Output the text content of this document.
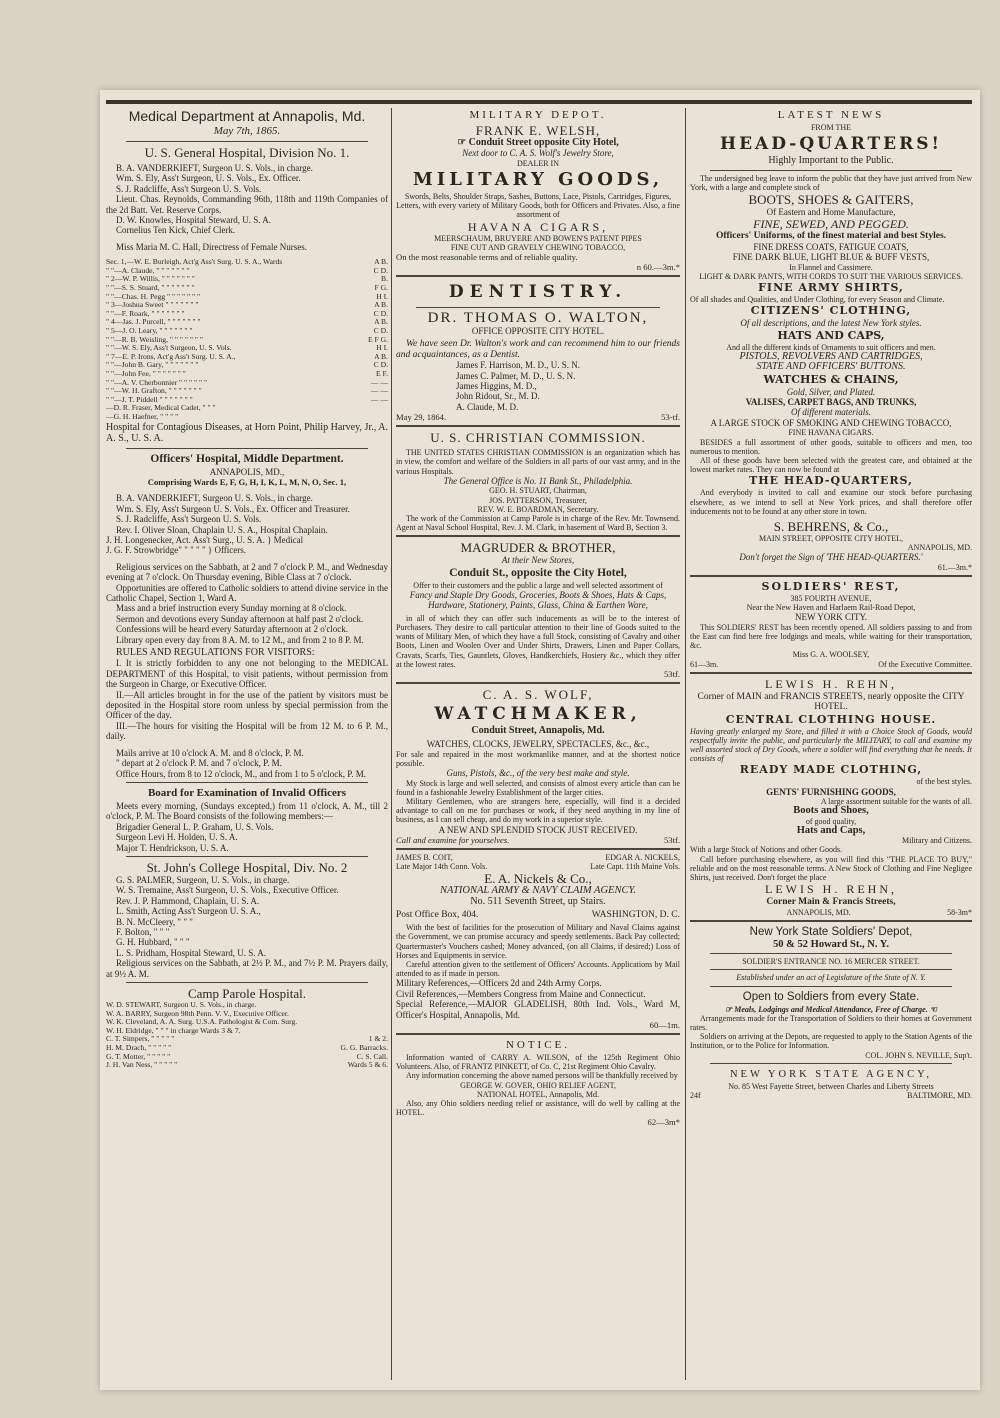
Medical Department at Annapolis, Md.

May 7th, 1865.

U. S. General Hospital, Division No. 1.

B. A. VANDERKIEFT, Surgeon U. S. Vols., in charge.

Wm. S. Ely, Ass't Surgeon, U. S. Vols., Ex. Officer.

S. J. Radcliffe, Ass't Surgeon U. S. Vols.

Lieut. Chas. Reynolds, Commanding 96th, 118th and 119th Companies of the 2d Batt. Vet. Reserve Corps.

D. W. Knowles, Hospital Steward, U. S. A.

Cornelius Ten Kick, Chief Clerk.

Miss Maria M. C. Hall, Directress of Female Nurses.

Sec. 1,—W. E. Burleigh, Act'g Ass't Surg. U. S. A., Wards	A B.
" "—A. Claude, " " " " " " "	C D.
" 2—W. P. Willis, " " " " " " "	B.
" "—S. S. Stuard, " " " " " " "	F G.
" "—Chas. H. Pegg " " " " " " "	H I.
" 3—Joshua Sweet " " " " " " "	A B.
" "—F. Roark, " " " " " " "	C D.
" 4—Jas. J. Purcell, " " " " " " "	A B.
" 5—J. O. Leary, " " " " " " "	C D.
" "—R. B. Weisling, " " " " " " "	E F G.
" "—W. S. Ely, Ass't Surgeon, U. S. Vols.	H I.
" 7—E. P. Irons, Act'g Ass't Surg. U. S. A.,	A B.
" "—John B. Gary, " " " " " " "	C D.
" "—John Fee, " " " " " " "	E F.
" "—A. V. Cherbonnier " " " " " "	— —
" "—W. H. Grafton, " " " " " " "	— —
" "—J. T. Piddell " " " " " " "	— —
—D. R. Fraser, Medical Cadet, " " "
—G. H. Haefner, " " " "

Hospital for Contagious Diseases, at Horn Point, Philip Harvey, Jr., A. A. S., U. S. A.

Officers' Hospital, Middle Department.

ANNAPOLIS, MD.,

Comprising Wards E, F, G, H, I, K, L, M, N, O, Sec. 1,

B. A. VANDERKIEFT, Surgeon U. S. Vols., in charge.

Wm. S. Ely, Ass't Surgeon U. S. Vols., Ex. Officer and Treasurer.

S. J. Radcliffe, Ass't Surgeon U. S. Vols.

Rev. I. Oliver Sloan, Chaplain U. S. A., Hospital Chaplain.

J. H. Longenecker, Act. Ass't Surg., U. S. A. } Medical

J. G. F. Strowbridge" " " " " } Officers.

Religious services on the Sabbath, at 2 and 7 o'clock P. M., and Wednesday evening at 7 o'clock. On Thursday evening, Bible Class at 7 o'clock.

Opportunities are offered to Catholic soldiers to attend divine service in the Catholic Chapel, Section 1, Ward A.

Mass and a brief instruction every Sunday morning at 8 o'clock.

Sermon and devotions every Sunday afternoon at half past 2 o'clock.

Confessions will be heard every Saturday afternoon at 2 o'clock.

Library open every day from 8 A. M. to 12 M., and from 2 to 8 P. M.

RULES AND REGULATIONS FOR VISITORS:

I. It is strictly forbidden to any one not belonging to the MEDICAL DEPARTMENT of this Hospital, to visit patients, without permission from the Surgeon in Charge, or Executive Officer.

II.—All articles brought in for the use of the patient by visitors must be deposited in the Hospital store room unless by special permission from the Officer of the day.

III.—The hours for visiting the Hospital will be from 12 M. to 6 P. M., daily.

Mails arrive at 10 o'clock A. M. and 8 o'clock, P. M.

" depart at 2 o'clock P. M. and 7 o'clock, P. M.

Office Hours, from 8 to 12 o'clock, M., and from 1 to 5 o'clock, P. M.

Board for Examination of Invalid Officers

Meets every morning, (Sundays excepted,) from 11 o'clock, A. M., till 2 o'clock, P. M. The Board consists of the following members:—

Brigadier General L. P. Graham, U. S. Vols.

Surgeon Levi H. Holden, U. S. A.

Major T. Hendrickson, U. S. A.

St. John's College Hospital, Div. No. 2

G. S. PALMER, Surgeon, U. S. Vols., in charge.

W. S. Tremaine, Ass't Surgeon, U. S. Vols., Executive Officer.

Rev. J. P. Hammond, Chaplain, U. S. A.

L. Smith, Acting Ass't Surgeon U. S. A.,

B. N. McCleery, " " "

F. Bolton, " " "

G. H. Hubbard, " " "

L. S. Pridham, Hospital Steward, U. S. A.

Religious services on the Sabbath, at 2½ P. M., and 7½ P. M. Prayers daily, at 9½ A. M.

Camp Parole Hospital.

W. D. STEWART, Surgeon U. S. Vols., in charge.
W. A. BARRY, Surgeon 98th Penn. V. V., Executive Officer.
W. K. Cleveland, A. A. Surg. U.S.A. Pathologist & Com. Surg.
W. H. Eldridge, " " " in charge Wards 3 & 7.
C. T. Simpers, " " " " "	1 & 2.
H. M. Drach, " " " " "	G. G. Barracks.
G. T. Motter, " " " " "	C. S. Call.
J. H. Van Ness, " " " " "	Wards 5 & 6.

MILITARY DEPOT.

FRANK E. WELSH,

☞ Conduit Street opposite City Hotel,

Next door to C. A. S. Wolf's Jewelry Store,

DEALER IN

MILITARY GOODS,

Swords, Belts, Shoulder Straps, Sashes, Buttons, Lace, Pistols, Cartridges, Figures, Letters, with every variety of Military Goods, both for Officers and Privates. Also, a fine assortment of

HAVANA CIGARS,

MEERSCHAUM, BRUYERE AND BOWEN'S PATENT PIPES

FINE CUT AND GRAVELY CHEWING TOBACCO,

On the most reasonable terms and of reliable quality.
n 60.—3m.*

DENTISTRY.

DR. THOMAS O. WALTON,

OFFICE OPPOSITE CITY HOTEL.

We have seen Dr. Walton's work and can recommend him to our friends and acquaintances, as a Dentist.

James F. Harrison, M. D., U. S. N.

James C. Palmer, M. D., U. S. N.

James Higgins, M. D.,

John Ridout, Sr., M. D.

A. Claude, M. D.

May 29, 1864.	53-tf.

U. S. CHRISTIAN COMMISSION.

THE UNITED STATES CHRISTIAN COMMISSION is an organization which has in view, the comfort and welfare of the Soldiers in all parts of our vast army, and in the various Hospitals.

The General Office is No. 11 Bank St., Philadelphia.

GEO. H. STUART, Chairman,

JOS. PATTERSON, Treasurer,

REV. W. E. BOARDMAN, Secretary.

The work of the Commission at Camp Parole is in charge of the Rev. Mr. Townsend. Agent at Naval School Hospital, Rev. J. M. Clark, in basement of Ward B, Section 3.

MAGRUDER & BROTHER,

At their New Stores,

Conduit St., opposite the City Hotel,

Offer to their customers and the public a large and well selected assortment of

Fancy and Staple Dry Goods, Groceries, Boots & Shoes, Hats & Caps, Hardware, Stationery, Paints, Glass, China & Earthen Ware,

in all of which they can offer such inducements as will be to the interest of Purchasers. They desire to call particular attention to their line of Goods suited to the wants of Military Men, of which they have a full Stock, consisting of Cavalry and other Boots, Linen and Woolen Over and Under Shirts, Drawers, Linen and Paper Collars, Cravats, Scarfs, Ties, Gauntlets, Gloves, Handkerchiefs, Hosiery &c., which they offer at the lowest rates.

53tf.

C. A. S. WOLF,

WATCHMAKER,

Conduit Street, Annapolis, Md.

WATCHES, CLOCKS, JEWELRY, SPECTACLES, &c., &c.,

For sale and repaired in the most workmanlike manner, and at the shortest notice possible.

Guns, Pistols, &c., of the very best make and style.

My Stock is large and well selected, and consists of almost every article than can be found in a fashionable Jewelry Establishment of the larger cities.

Military Gentlemen, who are strangers here, especially, will find it a decided advantage to call on me for purchases or work, if they need anything in my line of business, as I can sell cheap, and do my work in a superior style.

A NEW AND SPLENDID STOCK JUST RECEIVED.

Call and examine for yourselves.	53tf.
JAMES B. COIT,	EDGAR A. NICKELS,
Late Major 14th Conn. Vols.	Late Capt. 11th Maine Vols.

E. A. Nickels & Co.,

NATIONAL ARMY & NAVY CLAIM AGENCY.

No. 511 Seventh Street, up Stairs.

Post Office Box, 404.	WASHINGTON, D. C.

With the best of facilities for the prosecution of Military and Naval Claims against the Government, we can promise accuracy and speedy settlements. Back Pay collected; Quartermaster's Vouchers cashed; Money advanced, (on all Claims, if desired;) Loss of Horses and Equipments in service.

Careful attention given to the settlement of Officers' Accounts. Applications by Mail attended to as if made in person.

Military References,—Officers 2d and 24th Army Corps.

Civil References,—Members Congress from Maine and Connecticut.

Special Reference,—MAJOR GLADELISH, 80th Ind. Vols., Ward M, Officer's Hospital, Annapolis, Md.

60—1m.

NOTICE.

Information wanted of CARRY A. WILSON, of the 125th Regiment Ohio Volunteers. Also, of FRANTZ PINKETT, of Co. C, 21st Regiment Ohio Cavalry.

Any information concerning the above named persons will be thankfully received by

GEORGE W. GOVER, OHIO RELIEF AGENT,

NATIONAL HOTEL, Annapolis, Md.

Also, any Ohio soldiers needing relief or assistance, will do well by calling at the HOTEL.

62—3m*

LATEST NEWS

FROM THE

HEAD-QUARTERS!

Highly Important to the Public.

The undersigned beg leave to inform the public that they have just arrived from New York, with a large and complete stock of

BOOTS, SHOES & GAITERS,

Of Eastern and Home Manufacture,

FINE, SEWED, AND PEGGED.

Officers' Uniforms, of the finest material and best Styles.

FINE DRESS COATS, FATIGUE COATS,

FINE DARK BLUE, LIGHT BLUE & BUFF VESTS,

In Flannel and Cassimere.

LIGHT & DARK PANTS, WITH CORDS TO SUIT THE VARIOUS SERVICES.

FINE ARMY SHIRTS,

Of all shades and Qualities, and Under Clothing, for every Season and Climate.

CITIZENS' CLOTHING,

Of all descriptions, and the latest New York styles.

HATS AND CAPS,

And all the different kinds of Ornaments to suit officers and men.

PISTOLS, REVOLVERS AND CARTRIDGES,

STATE AND OFFICERS' BUTTONS.

WATCHES & CHAINS,

Gold, Silver, and Plated.

VALISES, CARPET BAGS, AND TRUNKS,

Of different materials.

A LARGE STOCK OF SMOKING AND CHEWING TOBACCO,

FINE HAVANA CIGARS.

BESIDES a full assortment of other goods, suitable to officers and men, too numerous to mention.

All of these goods have been selected with the greatest care, and obtained at the lowest market rates. They can now be found at

THE HEAD-QUARTERS,

And everybody is invited to call and examine our stock before purchasing elsewhere, as we intend to sell at New York prices, and shall therefore offer inducements not to be found at any other store in town.

S. BEHRENS, & Co.,

MAIN STREET, OPPOSITE CITY HOTEL,

ANNAPOLIS, MD.

Don't forget the Sign of 'THE HEAD-QUARTERS.'

61.—3m.*

SOLDIERS' REST,

385 FOURTH AVENUE,

Near the New Haven and Harlaem Rail-Road Depot,

NEW YORK CITY.

This SOLDIERS' REST has been recently opened. All soldiers passing to and from the East can find here free lodgings and meals, while waiting for their transportation, &c.

Miss G. A. WOOLSEY,

61—3m.	Of the Executive Committee.

LEWIS H. REHN,

Corner of MAIN and FRANCIS STREETS, nearly opposite the CITY HOTEL.

CENTRAL CLOTHING HOUSE.

Having greatly enlarged my Store, and filled it with a Choice Stock of Goods, would respectfully invite the public, and particularly the MILITARY, to call and examine my well assorted stock of Dry Goods, where a soldier will find everything that he needs. It consists of

READY MADE CLOTHING,

of the best styles.

GENTS' FURNISHING GOODS,

A large assortment suitable for the wants of all.

Boots and Shoes,

of good quality,

Hats and Caps,

Military and Citizens.

With a large Stock of Notions and other Goods.

Call before purchasing elsewhere, as you will find this "THE PLACE TO BUY," reliable and on the most reasonable terms. A New Stock of Clothing and Fine Negligee Shirts, just received. Don't forget the place

LEWIS H. REHN,

Corner Main & Francis Streets,

ANNAPOLIS, MD.	58-3m*

New York State Soldiers' Depot,

50 & 52 Howard St., N. Y.

SOLDIER'S ENTRANCE NO. 16 MERCER STREET.

Established under an act of Legislature of the State of N. Y.

Open to Soldiers from every State.

☞ Meals, Lodgings and Medical Attendance, Free of Charge. ☜

Arrangements made for the Transportation of Soldiers to their homes at Government rates.

Soldiers on arriving at the Depots, are requested to apply to the Station Agents of the Institution, or to the Police for Information.

COL. JOHN S. NEVILLE, Sup't.

NEW YORK STATE AGENCY,

No. 85 West Fayette Street, between Charles and Liberty Streets

24f	BALTIMORE, MD.
